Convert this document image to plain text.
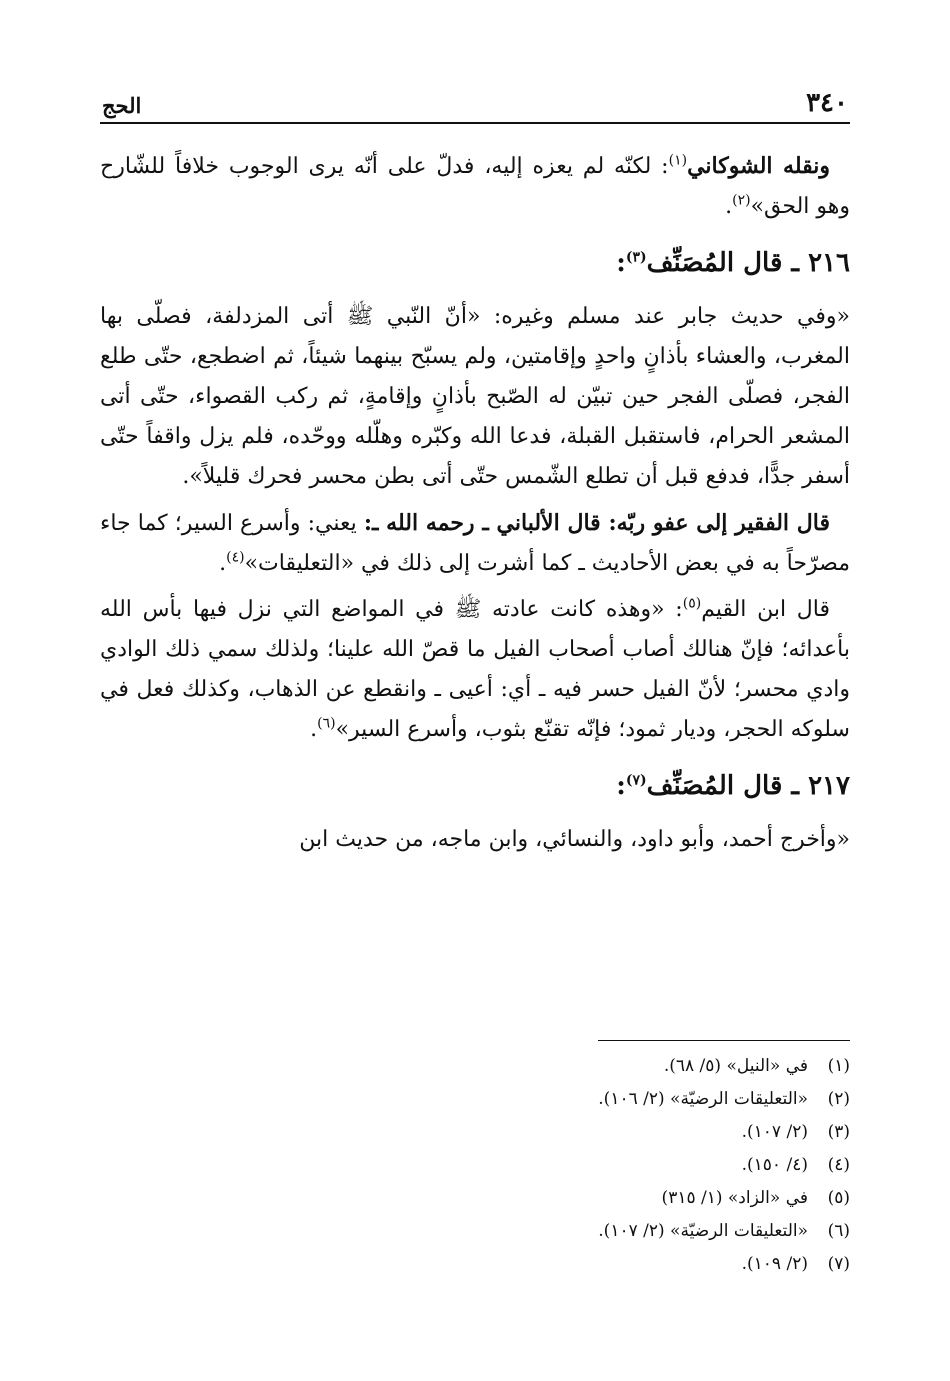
٣٤٠
الحج

ونقله الشوكاني$^{(١)}$: لكنّه لم يعزه إليه، فدلّ على أنّه يرى الوجوب خلافاً للشّارح وهو الحق»$^{(٢)}$.

٢١٦ ـ قال المُصَنِّف$^{(٣)}$:

«وفي حديث جابر عند مسلم وغيره: «أنّ النّبي ﷺ أتى المزدلفة، فصلّى بها المغرب، والعشاء بأذانٍ واحدٍ وإقامتين، ولم يسبّح بينهما شيئاً، ثم اضطجع، حتّى طلع الفجر، فصلّى الفجر حين تبيّن له الصّبح بأذانٍ وإقامةٍ، ثم ركب القصواء، حتّى أتى المشعر الحرام، فاستقبل القبلة، فدعا الله وكبّره وهلّله ووحّده، فلم يزل واقفاً حتّى أسفر جدًّا، فدفع قبل أن تطلع الشّمس حتّى أتى بطن محسر فحرك قليلاً».

قال الفقير إلى عفو ربّه: قال الألباني ـ رحمه الله ـ: يعني: وأسرع السير؛ كما جاء مصرّحاً به في بعض الأحاديث ـ كما أشرت إلى ذلك في «التعليقات»$^{(٤)}$.

قال ابن القيم$^{(٥)}$: «وهذه كانت عادته ﷺ في المواضع التي نزل فيها بأس الله بأعدائه؛ فإنّ هنالك أصاب أصحاب الفيل ما قصّ الله علينا؛ ولذلك سمي ذلك الوادي وادي محسر؛ لأنّ الفيل حسر فيه ـ أي: أعيى ـ وانقطع عن الذهاب، وكذلك فعل في سلوكه الحجر، وديار ثمود؛ فإنّه تقنّع بثوب، وأسرع السير»$^{(٦)}$.

٢١٧ ـ قال المُصَنِّف$^{(٧)}$:

«وأخرج أحمد، وأبو داود، والنسائي، وابن ماجه، من حديث ابن

(١)
في «النيل» (٥/ ٦٨).
(٢)
«التعليقات الرضيّة» (٢/ ١٠٦).
(٣)
(٢/ ١٠٧).
(٤)
(٤/ ١٥٠).
(٥)
في «الزاد» (١/ ٣١٥)
(٦)
«التعليقات الرضيّة» (٢/ ١٠٧).
(٧)
(٢/ ١٠٩).
